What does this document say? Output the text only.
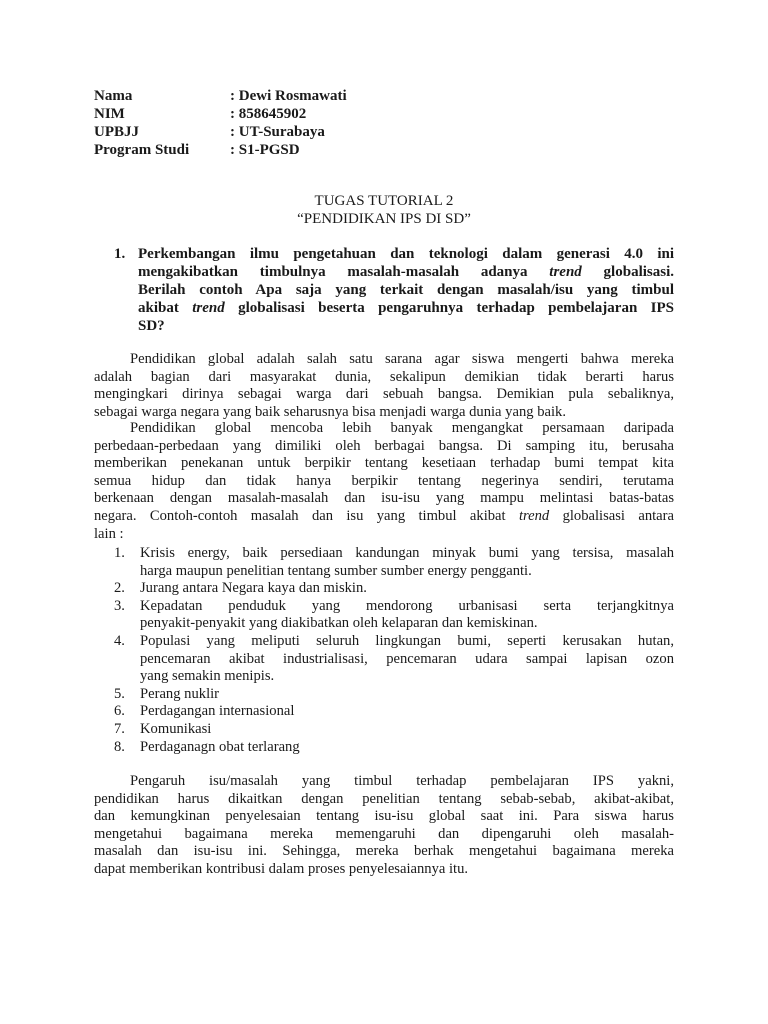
Nama	: Dewi Rosmawati
NIM	: 858645902
UPBJJ	: UT-Surabaya
Program Studi	: S1-PGSD
TUGAS TUTORIAL 2
“PENDIDIKAN IPS DI SD”
1. Perkembangan ilmu pengetahuan dan teknologi dalam generasi 4.0 ini
mengakibatkan timbulnya masalah-masalah adanya trend globalisasi.
Berilah contoh Apa saja yang terkait dengan masalah/isu yang timbul
akibat trend globalisasi beserta pengaruhnya terhadap pembelajaran IPS
SD?
Pendidikan global adalah salah satu sarana agar siswa mengerti bahwa mereka
adalah bagian dari masyarakat dunia, sekalipun demikian tidak berarti harus
mengingkari dirinya sebagai warga dari sebuah bangsa. Demikian pula sebaliknya,
sebagai warga negara yang baik seharusnya bisa menjadi warga dunia yang baik.
Pendidikan global mencoba lebih banyak mengangkat persamaan daripada
perbedaan-perbedaan yang dimiliki oleh berbagai bangsa. Di samping itu, berusaha
memberikan penekanan untuk berpikir tentang kesetiaan terhadap bumi tempat kita
semua hidup dan tidak hanya berpikir tentang negerinya sendiri, terutama
berkenaan dengan masalah-masalah dan isu-isu yang mampu melintasi batas-batas
negara. Contoh-contoh masalah dan isu yang timbul akibat trend globalisasi antara
lain :
1. Krisis energy, baik persediaan kandungan minyak bumi yang tersisa, masalah
harga maupun penelitian tentang sumber sumber energy pengganti.
2. Jurang antara Negara kaya dan miskin.
3. Kepadatan penduduk yang mendorong urbanisasi serta terjangkitnya
penyakit-penyakit yang diakibatkan oleh kelaparan dan kemiskinan.
4. Populasi yang meliputi seluruh lingkungan bumi, seperti kerusakan hutan,
pencemaran akibat industrialisasi, pencemaran udara sampai lapisan ozon
yang semakin menipis.
5. Perang nuklir
6. Perdagangan internasional
7. Komunikasi
8. Perdaganagn obat terlarang
Pengaruh isu/masalah yang timbul terhadap pembelajaran IPS yakni,
pendidikan harus dikaitkan dengan penelitian tentang sebab-sebab, akibat-akibat,
dan kemungkinan penyelesaian tentang isu-isu global saat ini. Para siswa harus
mengetahui bagaimana mereka memengaruhi dan dipengaruhi oleh masalah-
masalah dan isu-isu ini. Sehingga, mereka berhak mengetahui bagaimana mereka
dapat memberikan kontribusi dalam proses penyelesaiannya itu.
